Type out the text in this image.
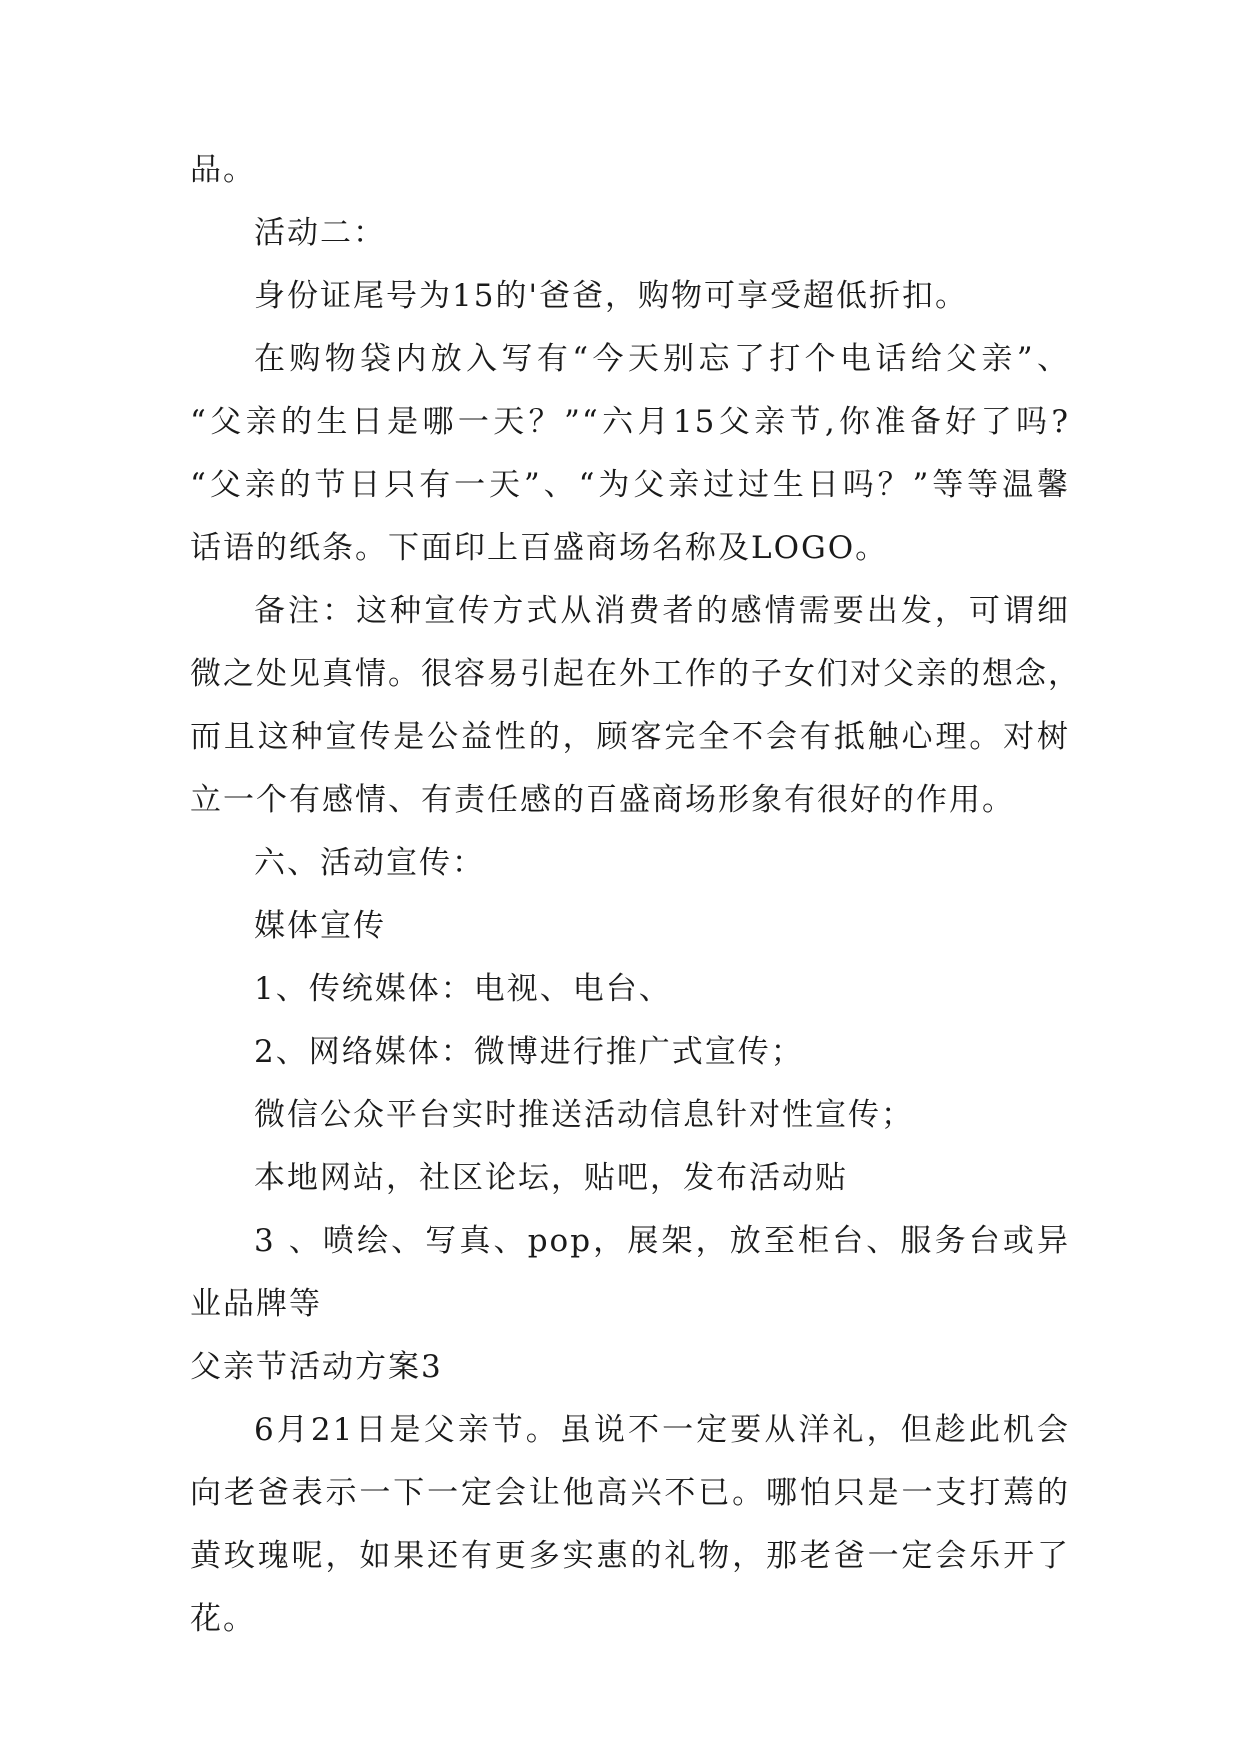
品。
活动二：
身份证尾号为15的'爸爸，购物可享受超低折扣。
在购物袋内放入写有“今天别忘了打个电话给父亲”、
“父亲的生日是哪一天？”“六月15父亲节,你准备好了吗?
“父亲的节日只有一天”、“为父亲过过生日吗？”等等温馨
话语的纸条。下面印上百盛商场名称及LOGO。
备注：这种宣传方式从消费者的感情需要出发，可谓细
微之处见真情。很容易引起在外工作的子女们对父亲的想念，
而且这种宣传是公益性的，顾客完全不会有抵触心理。对树
立一个有感情、有责任感的百盛商场形象有很好的作用。
六、活动宣传：
媒体宣传
1、传统媒体：电视、电台、
2、网络媒体：微博进行推广式宣传；
微信公众平台实时推送活动信息针对性宣传；
本地网站，社区论坛，贴吧，发布活动贴
3 、喷绘、写真、pop，展架，放至柜台、服务台或异
业品牌等
父亲节活动方案3
6月21日是父亲节。虽说不一定要从洋礼，但趁此机会
向老爸表示一下一定会让他高兴不已。哪怕只是一支打蔫的
黄玫瑰呢，如果还有更多实惠的礼物，那老爸一定会乐开了
花。
